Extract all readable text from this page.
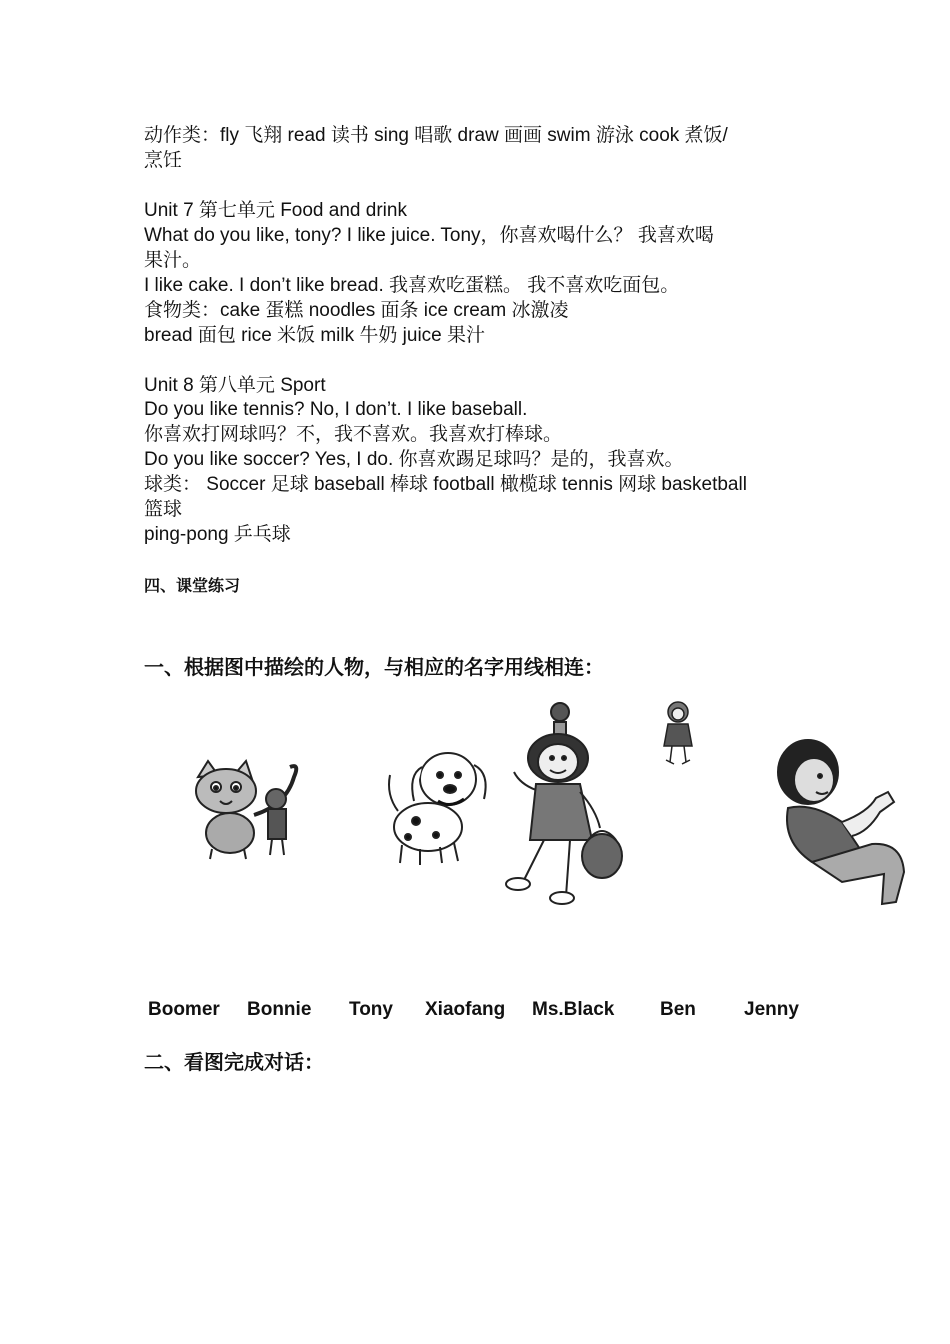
动作类：fly 飞翔 read 读书 sing 唱歌 draw 画画 swim 游泳 cook 煮饭/
烹饪
Unit 7 第七单元 Food and drink
What do you like, tony? I like juice. Tony，你喜欢喝什么？ 我喜欢喝
果汁。
I like cake. I don’t like bread. 我喜欢吃蛋糕。 我不喜欢吃面包。
食物类：cake 蛋糕 noodles 面条 ice cream 冰激凌
bread 面包 rice 米饭 milk 牛奶 juice 果汁
Unit 8 第八单元 Sport
Do you like tennis? No, I don’t. I like baseball.
你喜欢打网球吗？不，我不喜欢。我喜欢打棒球。
Do you like soccer? Yes, I do. 你喜欢踢足球吗？是的，我喜欢。
球类： Soccer 足球 baseball 棒球 football 橄榄球 tennis 网球 basketball
篮球
ping-pong 乒乓球
四、课堂练习
一、根据图中描绘的人物，与相应的名字用线相连：
Boomer Bonnie Tony Xiaofang Ms.Black Ben	Jenny
二、看图完成对话：
